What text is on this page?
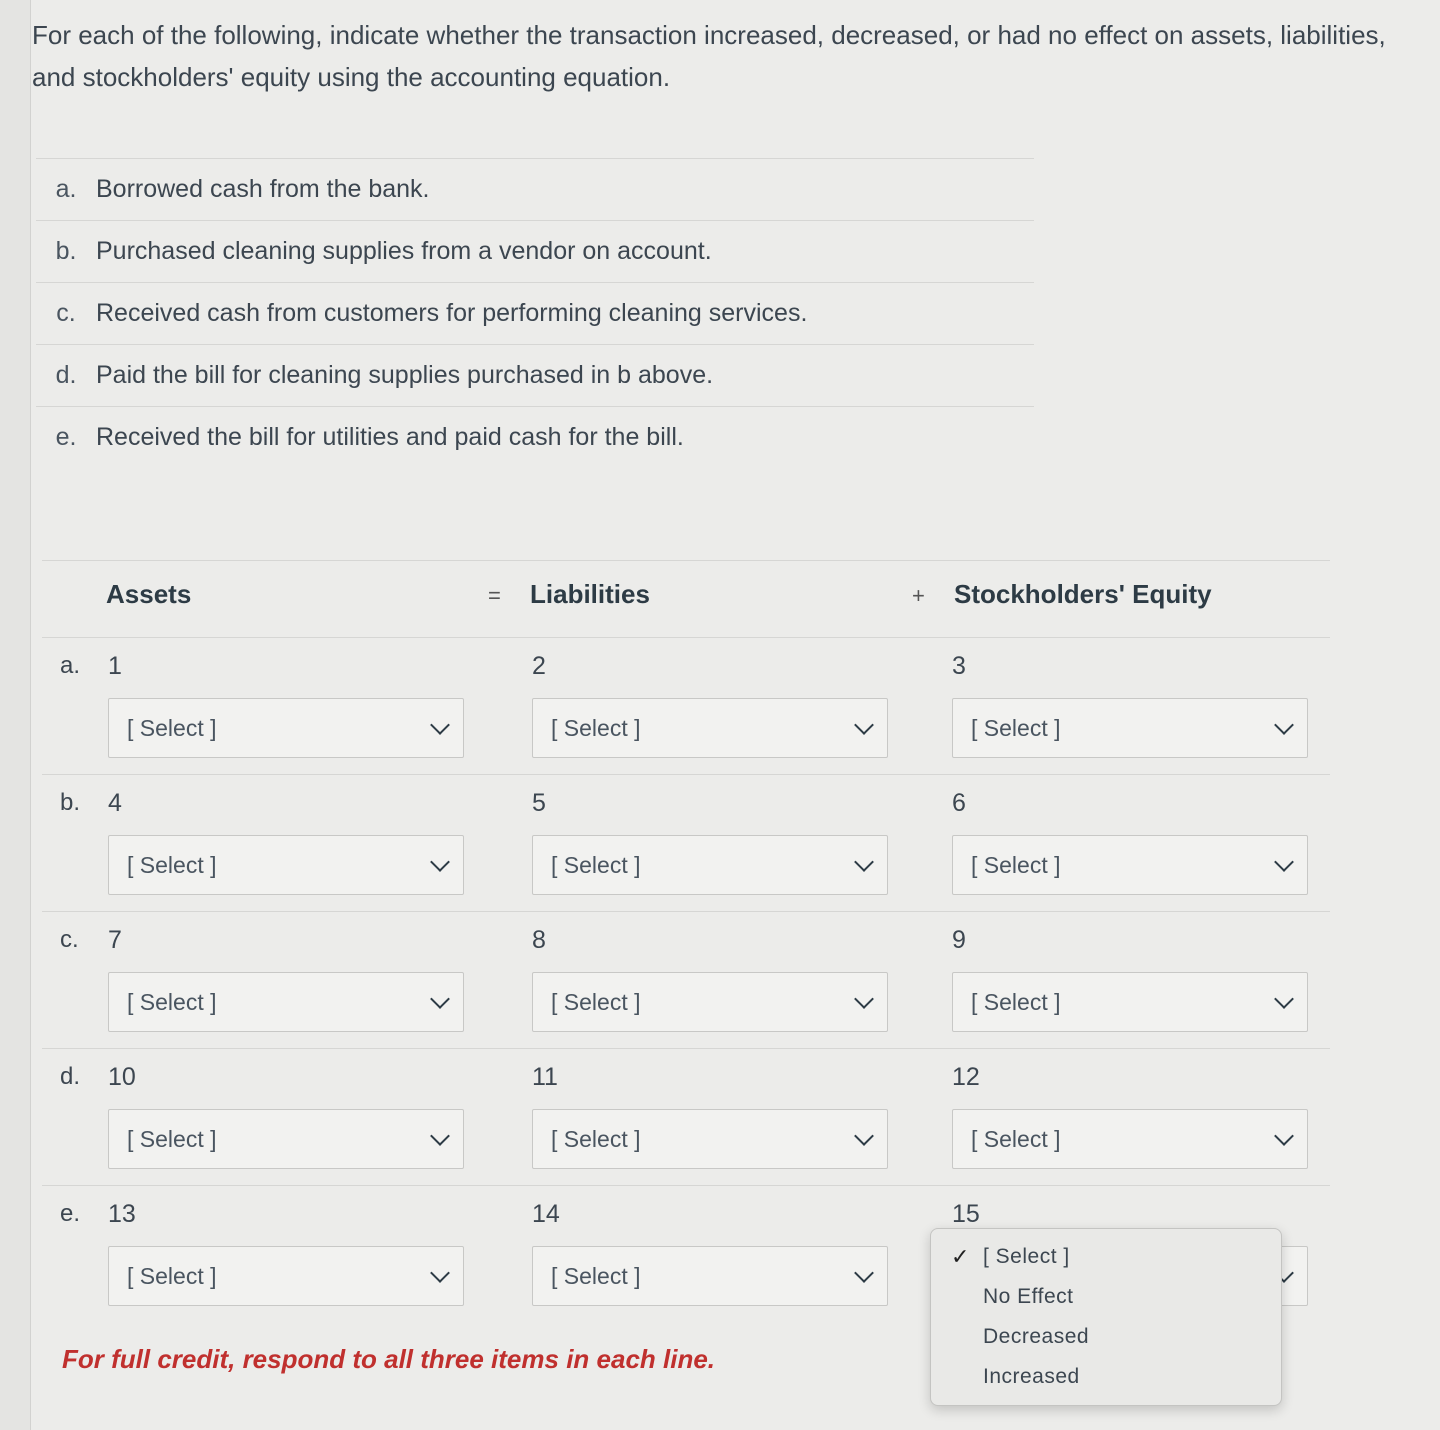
For each of the following, indicate whether the transaction increased, decreased, or had no effect on assets, liabilities, and stockholders' equity using the accounting equation.
a. Borrowed cash from the bank.
b. Purchased cleaning supplies from a vendor on account.
c. Received cash from customers for performing cleaning services.
d. Paid the bill for cleaning supplies purchased in b above.
e. Received the bill for utilities and paid cash for the bill.
Assets	= Liabilities	+ Stockholders' Equity
a. 1
[ Select ]
2
[ Select ]
3
[ Select ]
b. 4
[ Select ]
5
[ Select ]
6
[ Select ]
c. 7
[ Select ]
8
[ Select ]
9
[ Select ]
d. 10
[ Select ]
11
[ Select ]
12
[ Select ]
e. 13
[ Select ]
14
[ Select ]
15
✓ [ Select ]
No Effect
Decreased
Increased
For full credit, respond to all three items in each line.
